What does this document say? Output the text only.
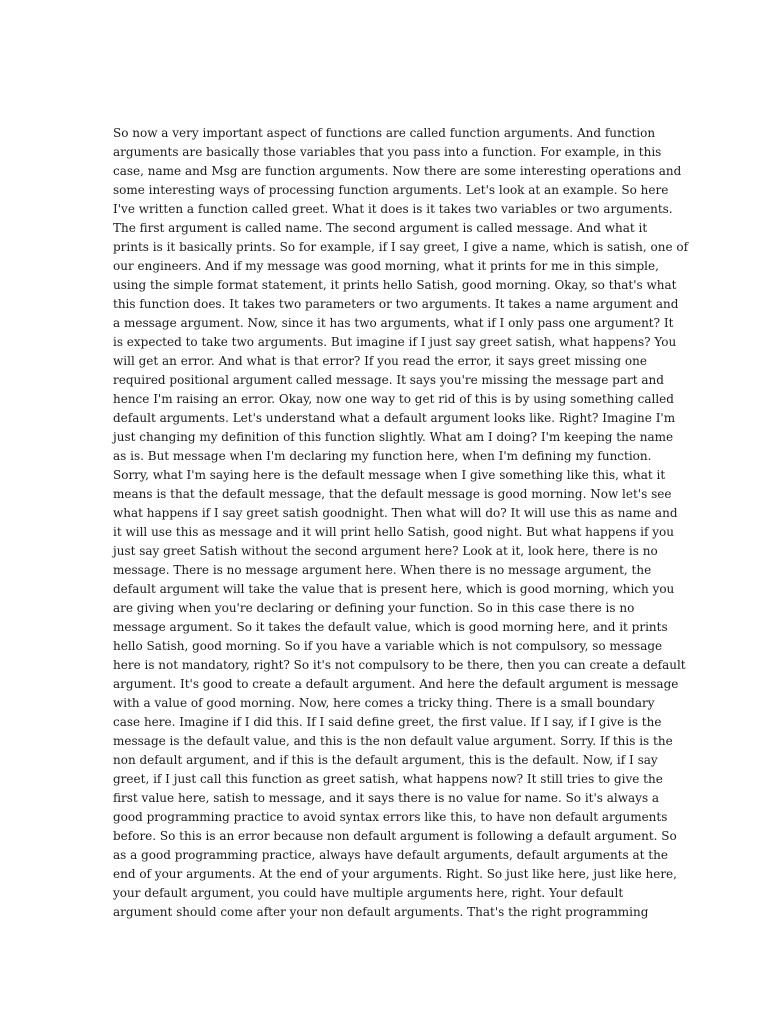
So now a very important aspect of functions are called function arguments. And function
arguments are basically those variables that you pass into a function. For example, in this
case, name and Msg are function arguments. Now there are some interesting operations and
some interesting ways of processing function arguments. Let's look at an example. So here
I've written a function called greet. What it does is it takes two variables or two arguments.
The first argument is called name. The second argument is called message. And what it
prints is it basically prints. So for example, if I say greet, I give a name, which is satish, one of
our engineers. And if my message was good morning, what it prints for me in this simple,
using the simple format statement, it prints hello Satish, good morning. Okay, so that's what
this function does. It takes two parameters or two arguments. It takes a name argument and
a message argument. Now, since it has two arguments, what if I only pass one argument? It
is expected to take two arguments. But imagine if I just say greet satish, what happens? You
will get an error. And what is that error? If you read the error, it says greet missing one
required positional argument called message. It says you're missing the message part and
hence I'm raising an error. Okay, now one way to get rid of this is by using something called
default arguments. Let's understand what a default argument looks like. Right? Imagine I'm
just changing my definition of this function slightly. What am I doing? I'm keeping the name
as is. But message when I'm declaring my function here, when I'm defining my function.
Sorry, what I'm saying here is the default message when I give something like this, what it
means is that the default message, that the default message is good morning. Now let's see
what happens if I say greet satish goodnight. Then what will do? It will use this as name and
it will use this as message and it will print hello Satish, good night. But what happens if you
just say greet Satish without the second argument here? Look at it, look here, there is no
message. There is no message argument here. When there is no message argument, the
default argument will take the value that is present here, which is good morning, which you
are giving when you're declaring or defining your function. So in this case there is no
message argument. So it takes the default value, which is good morning here, and it prints
hello Satish, good morning. So if you have a variable which is not compulsory, so message
here is not mandatory, right? So it's not compulsory to be there, then you can create a default
argument. It's good to create a default argument. And here the default argument is message
with a value of good morning. Now, here comes a tricky thing. There is a small boundary
case here. Imagine if I did this. If I said define greet, the first value. If I say, if I give is the
message is the default value, and this is the non default value argument. Sorry. If this is the
non default argument, and if this is the default argument, this is the default. Now, if I say
greet, if I just call this function as greet satish, what happens now? It still tries to give the
first value here, satish to message, and it says there is no value for name. So it's always a
good programming practice to avoid syntax errors like this, to have non default arguments
before. So this is an error because non default argument is following a default argument. So
as a good programming practice, always have default arguments, default arguments at the
end of your arguments. At the end of your arguments. Right. So just like here, just like here,
your default argument, you could have multiple arguments here, right. Your default
argument should come after your non default arguments. That's the right programming
